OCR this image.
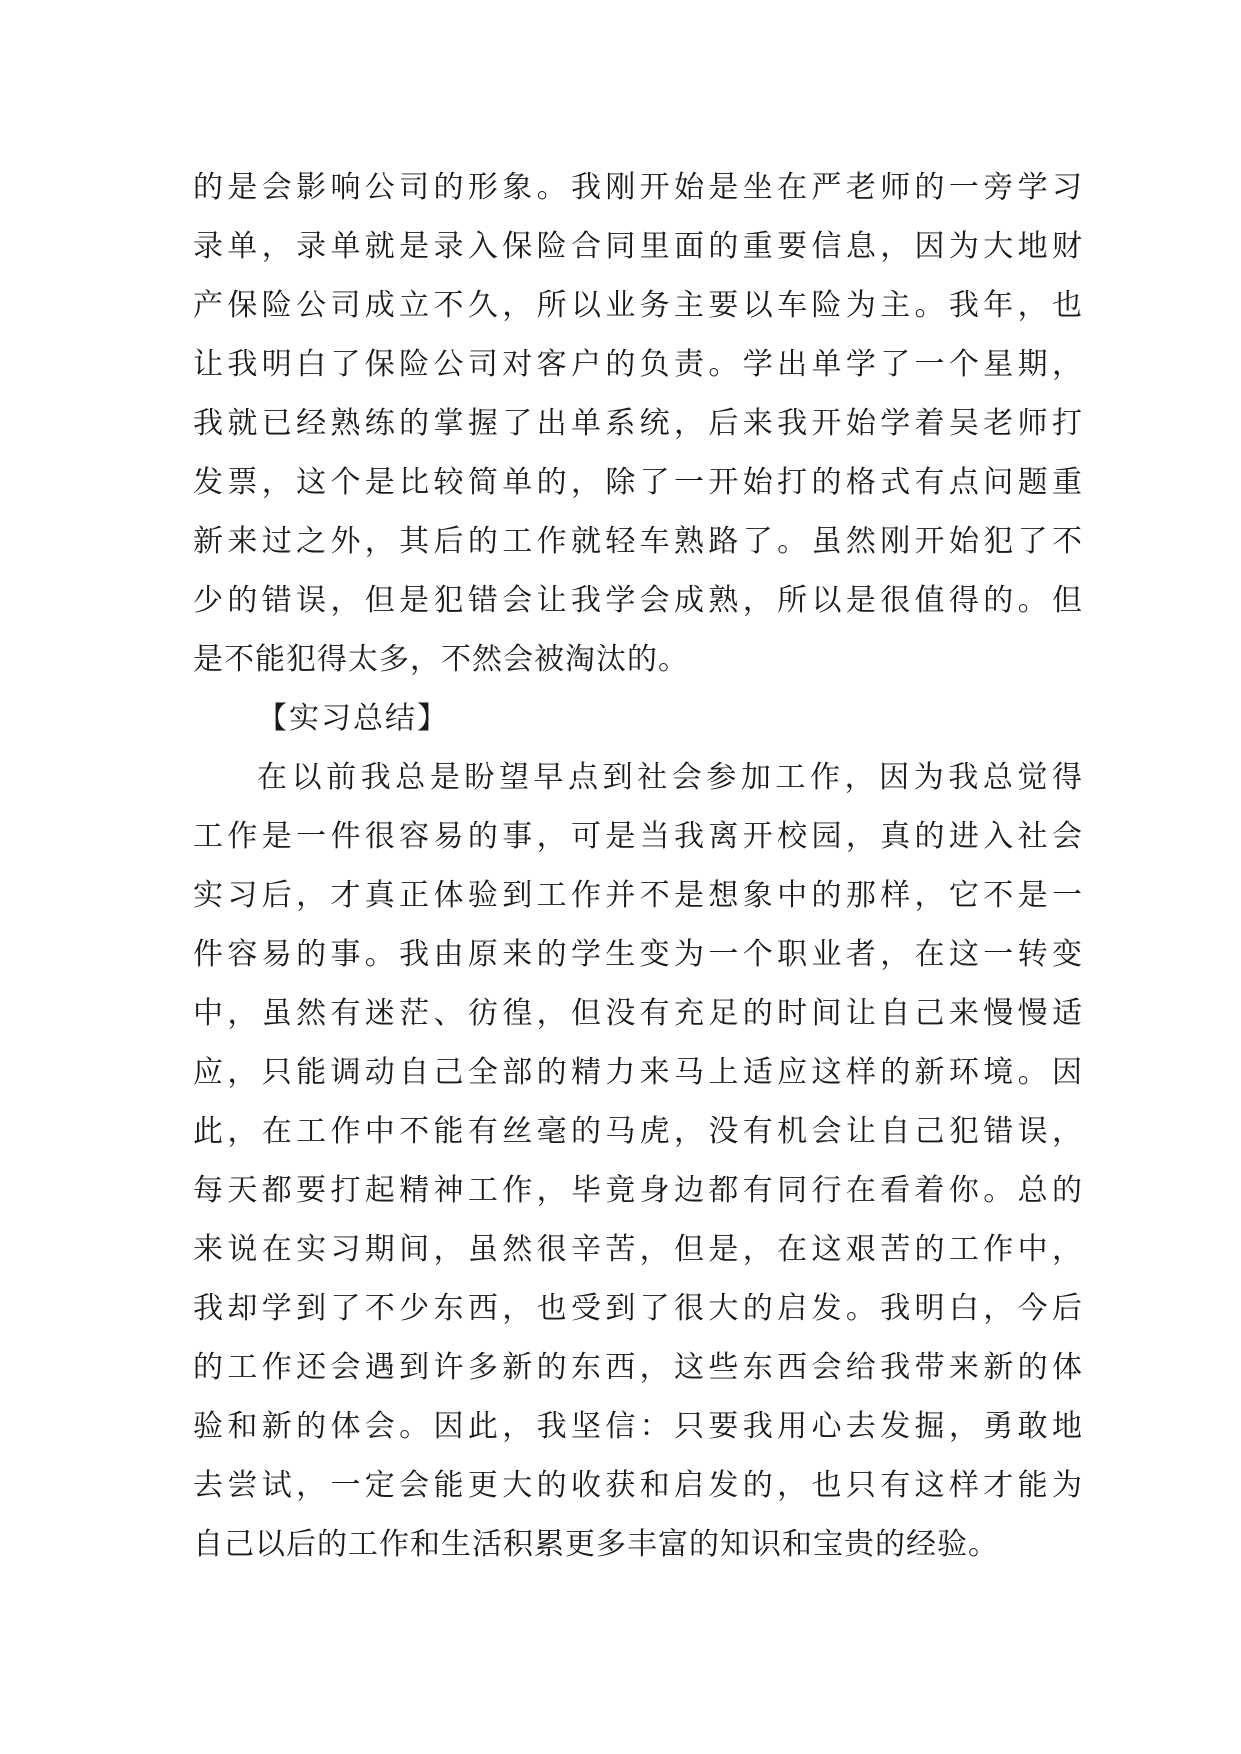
的是会影响公司的形象。我刚开始是坐在严老师的一旁学习
录单，录单就是录入保险合同里面的重要信息，因为大地财
产保险公司成立不久，所以业务主要以车险为主。我年，也
让我明白了保险公司对客户的负责。学出单学了一个星期，
我就已经熟练的掌握了出单系统，后来我开始学着吴老师打
发票，这个是比较简单的，除了一开始打的格式有点问题重
新来过之外，其后的工作就轻车熟路了。虽然刚开始犯了不
少的错误，但是犯错会让我学会成熟，所以是很值得的。但
是不能犯得太多，不然会被淘汰的。
【实习总结】
在以前我总是盼望早点到社会参加工作，因为我总觉得
工作是一件很容易的事，可是当我离开校园，真的进入社会
实习后，才真正体验到工作并不是想象中的那样，它不是一
件容易的事。我由原来的学生变为一个职业者，在这一转变
中，虽然有迷茫、彷徨，但没有充足的时间让自己来慢慢适
应，只能调动自己全部的精力来马上适应这样的新环境。因
此，在工作中不能有丝毫的马虎，没有机会让自己犯错误，
每天都要打起精神工作，毕竟身边都有同行在看着你。总的
来说在实习期间，虽然很辛苦，但是，在这艰苦的工作中，
我却学到了不少东西，也受到了很大的启发。我明白，今后
的工作还会遇到许多新的东西，这些东西会给我带来新的体
验和新的体会。因此，我坚信：只要我用心去发掘，勇敢地
去尝试，一定会能更大的收获和启发的，也只有这样才能为
自己以后的工作和生活积累更多丰富的知识和宝贵的经验。
